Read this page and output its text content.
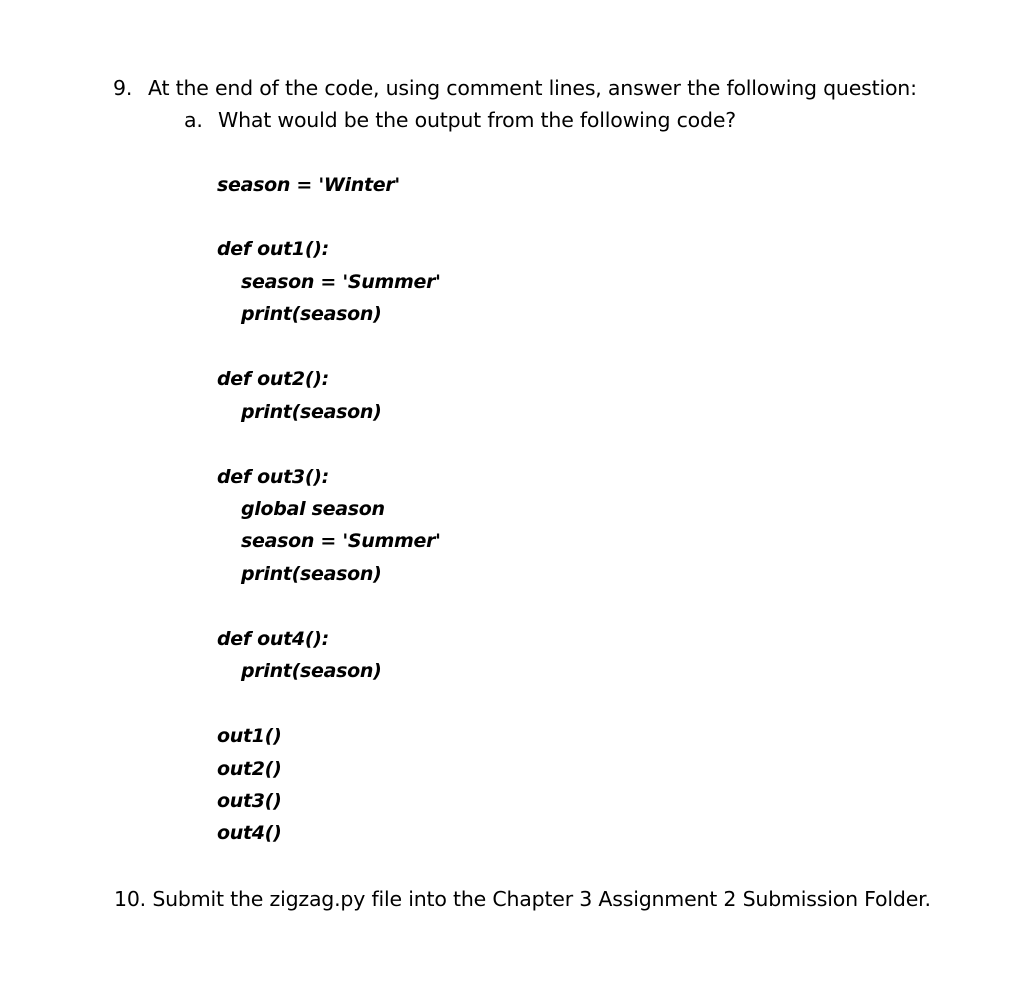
9. At the end of the code, using comment lines, answer the following question:
a. What would be the output from the following code?
season = 'Winter'
def out1():
season = 'Summer'
print(season)
def out2():
print(season)
def out3():
global season
season = 'Summer'
print(season)
def out4():
print(season)
out1()
out2()
out3()
out4()
10. Submit the zigzag.py file into the Chapter 3 Assignment 2 Submission Folder.
